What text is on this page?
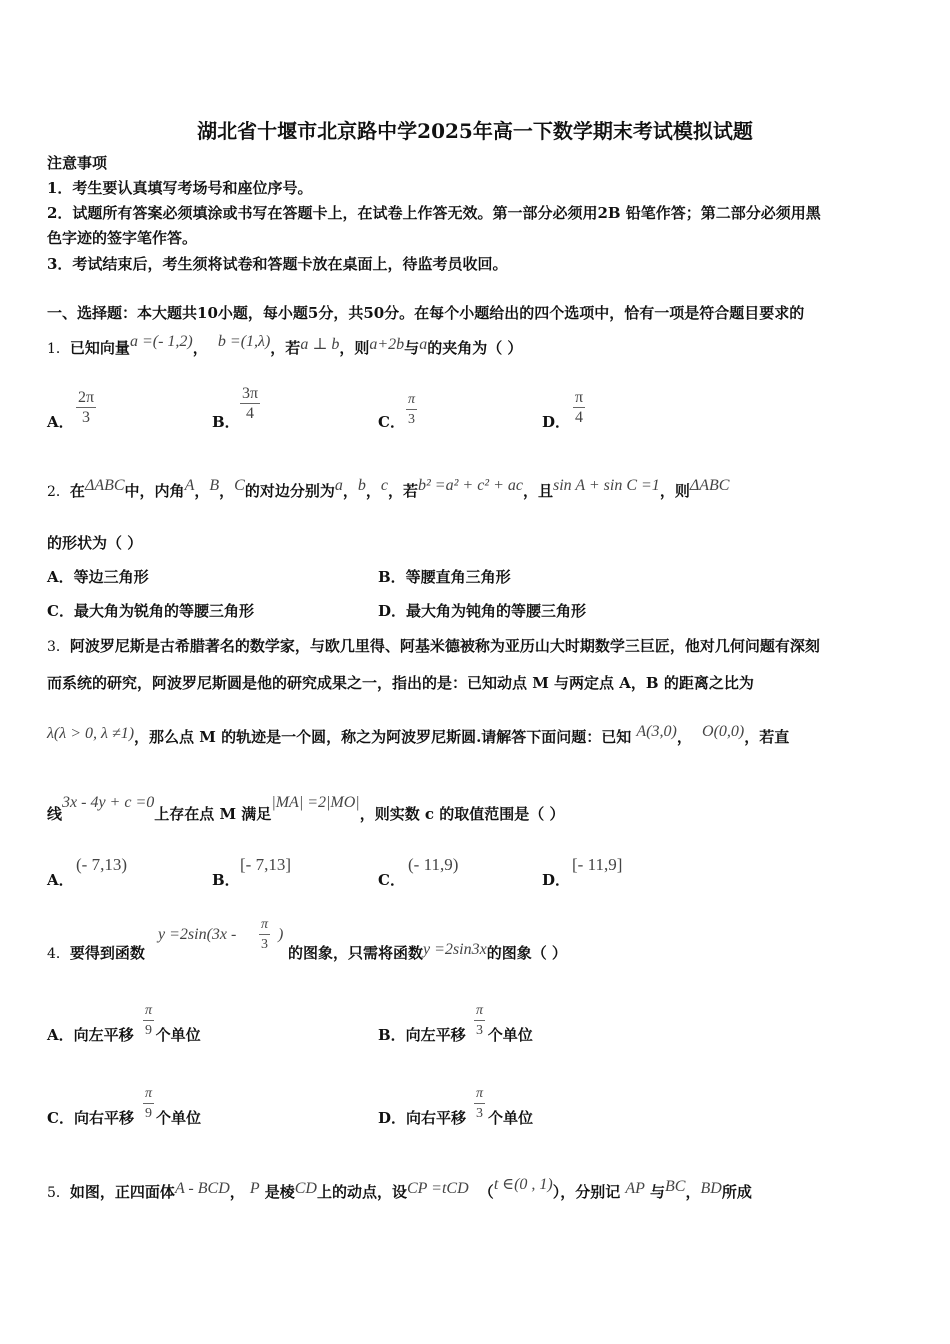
湖北省十堰市北京路中学2025年高一下数学期末考试模拟试题
注意事项
1．考生要认真填写考场号和座位序号。
2．试题所有答案必须填涂或书写在答题卡上，在试卷上作答无效。第一部分必须用2B 铅笔作答；第二部分必须用黑
色字迹的签字笔作答。
3．考试结束后，考生须将试卷和答题卡放在桌面上，待监考员收回。
一、选择题：本大题共10小题，每小题5分，共50分。在每个小题给出的四个选项中，恰有一项是符合题目要求的
1．已知向量a =(- 1,2)， b =(1,λ)，若a ⊥ b，则a+2b与a的夹角为（ ）
A．
2π
3	B．
3π
4	C．
π
3	D．
π
4
2．在ΔABC中，内角A，B，C的对边分别为a，b，c，若b² =a² + c² + ac，且sin A + sin C =1，则ΔABC
的形状为（ ）
A．等边三角形	B．等腰直角三角形
C．最大角为锐角的等腰三角形	D．最大角为钝角的等腰三角形
3．阿波罗尼斯是古希腊著名的数学家，与欧几里得、阿基米德被称为亚历山大时期数学三巨匠，他对几何问题有深刻
而系统的研究，阿波罗尼斯圆是他的研究成果之一，指出的是：已知动点 M 与两定点 A，B 的距离之比为
λ(λ > 0, λ ≠1)，那么点 M 的轨迹是一个圆，称之为阿波罗尼斯圆.请解答下面问题：已知 A(3,0)， O(0,0)，若直
线3x - 4y + c =0上存在点 M 满足|MA| =2|MO|，则实数 c 的取值范围是（ ）
A．
(- 7,13)
B．
[- 7,13]
C．
(- 11,9)
D．
[- 11,9]
4．要得到函数
y =2sin(3x -
π
3
)
的图象，只需将函数y =2sin3x的图象（ ）
A．向左平移 个单位
π
9	B．向左平移 个单位
π
3
C．向右平移 个单位
π
9	D．向右平移 个单位
π
3
5．如图，正四面体A - BCD， P 是棱CD上的动点，设CP =tCD （t ∈(0 , 1)），分别记 AP 与BC，BD所成
